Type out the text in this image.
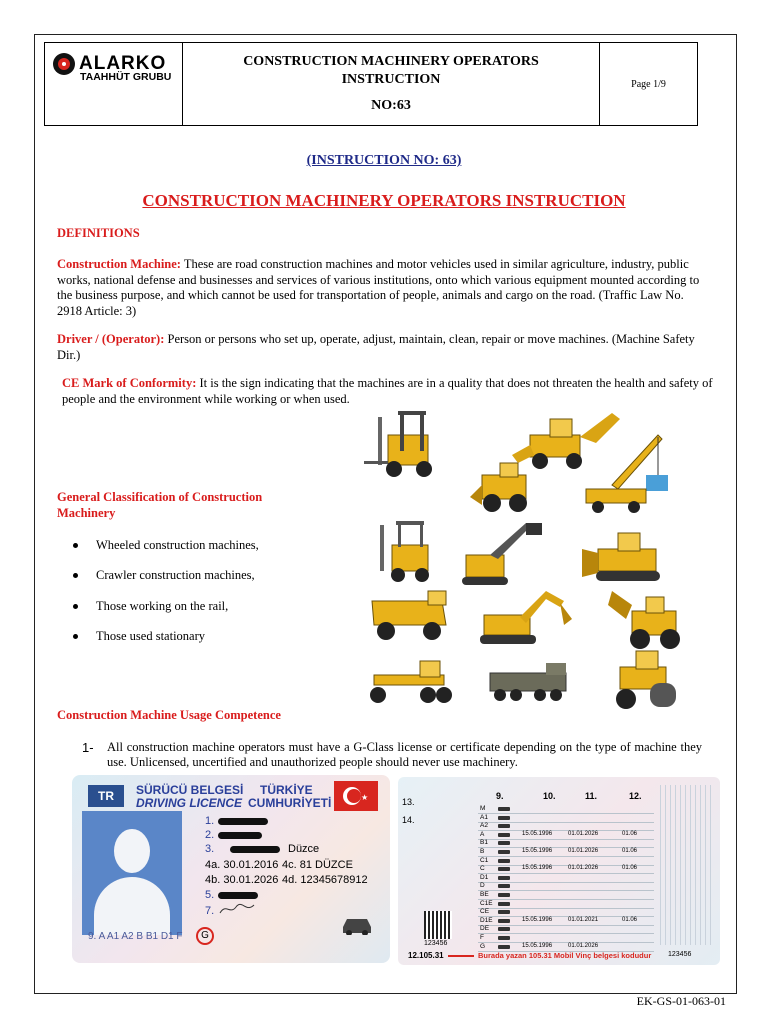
ALARKO
TAAHHÜT GRUBU
CONSTRUCTION MACHINERY OPERATORS
INSTRUCTION
NO:63
Page 1/9
(INSTRUCTION NO: 63)
CONSTRUCTION MACHINERY OPERATORS INSTRUCTION
DEFINITIONS
Construction Machine: These are road construction machines and motor vehicles used in similar agriculture, industry, public works, national defense and businesses and services of various institutions, onto which various equipment mounted according to the business purpose, and which cannot be used for transportation of people, animals and cargo on the road. (Traffic Law No. 2918 Article: 3)
Driver / (Operator): Person or persons who set up, operate, adjust, maintain, clean, repair or move machines. (Machine Safety Dir.)
CE Mark of Conformity: It is the sign indicating that the machines are in a quality that does not threaten the health and safety of people and the environment while working or when used.
General Classification of Construction Machinery
Wheeled construction machines,
Crawler construction machines,
Those working on the rail,
Those used stationary
Construction Machine Usage Competence
1- All construction machine operators must have a G-Class license or certificate depending on the type of machine they use. Unlicensed, uncertified and unauthorized people should never use machinery.
TR	SÜRÜCÜ BELGESİ
DRIVING LICENCE
TÜRKİYE
CUMHURİYETİ	★
1.
2.
3.	Düzce
4a. 30.01.2016 4c. 81 DÜZCE
4b. 30.01.2026 4d. 12345678912
5.
7.
9. A A1 A2 B B1 D1 F	G
13.
14.
9.	10.	11.	12.
M
A1
A2
A	15.05.1996	01.01.2026	01.06
B1
B	15.05.1996	01.01.2026	01.06
C1
C	15.05.1996	01.01.2026	01.06
D1
D
BE
C1E
CE
D1E	15.05.1996	01.01.2021	01.06
DE
F
G	15.05.1996	01.01.2026
123456
12.105.31	Burada yazan 105.31 Mobil Vinç belgesi kodudur 123456
EK-GS-01-063-01
